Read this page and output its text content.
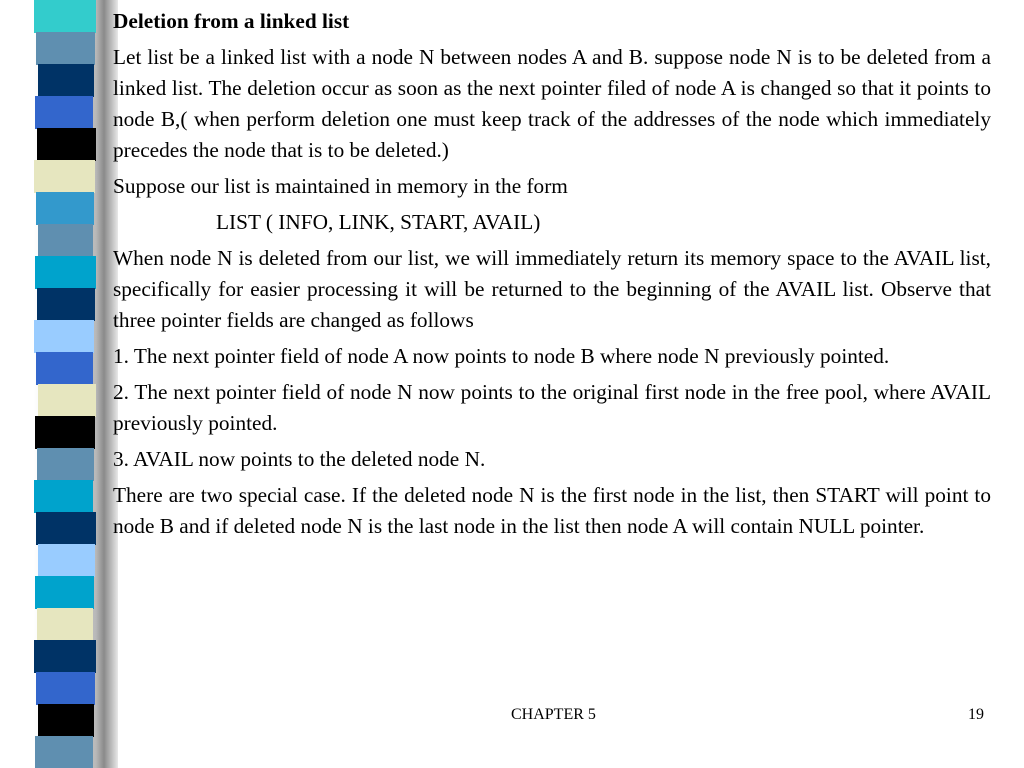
Deletion from a linked list

Let list be a linked list with a node N between nodes A and B. suppose node N is to be deleted from a linked list. The deletion occur as soon as the next pointer filed of node A is changed so that it points to node B,( when perform deletion one must keep track of the addresses of the node which immediately precedes the node that is to be deleted.)

Suppose our list is maintained in memory in the form

LIST ( INFO, LINK, START, AVAIL)

When node N is deleted from our list, we will immediately return its memory space to the AVAIL list, specifically for easier processing it will be returned to the beginning of the AVAIL list. Observe that three pointer fields are changed as follows

1. The next pointer field of node A now points to node B where node N previously pointed.

2. The next pointer field of node N now points to the original first node in the free pool, where AVAIL previously pointed.

3. AVAIL now points to the deleted node N.

There are two special case. If the deleted node N is the first node in the list, then START will point to node B and if deleted node N is the last node in the list then node A will contain NULL pointer.

CHAPTER 5	19
